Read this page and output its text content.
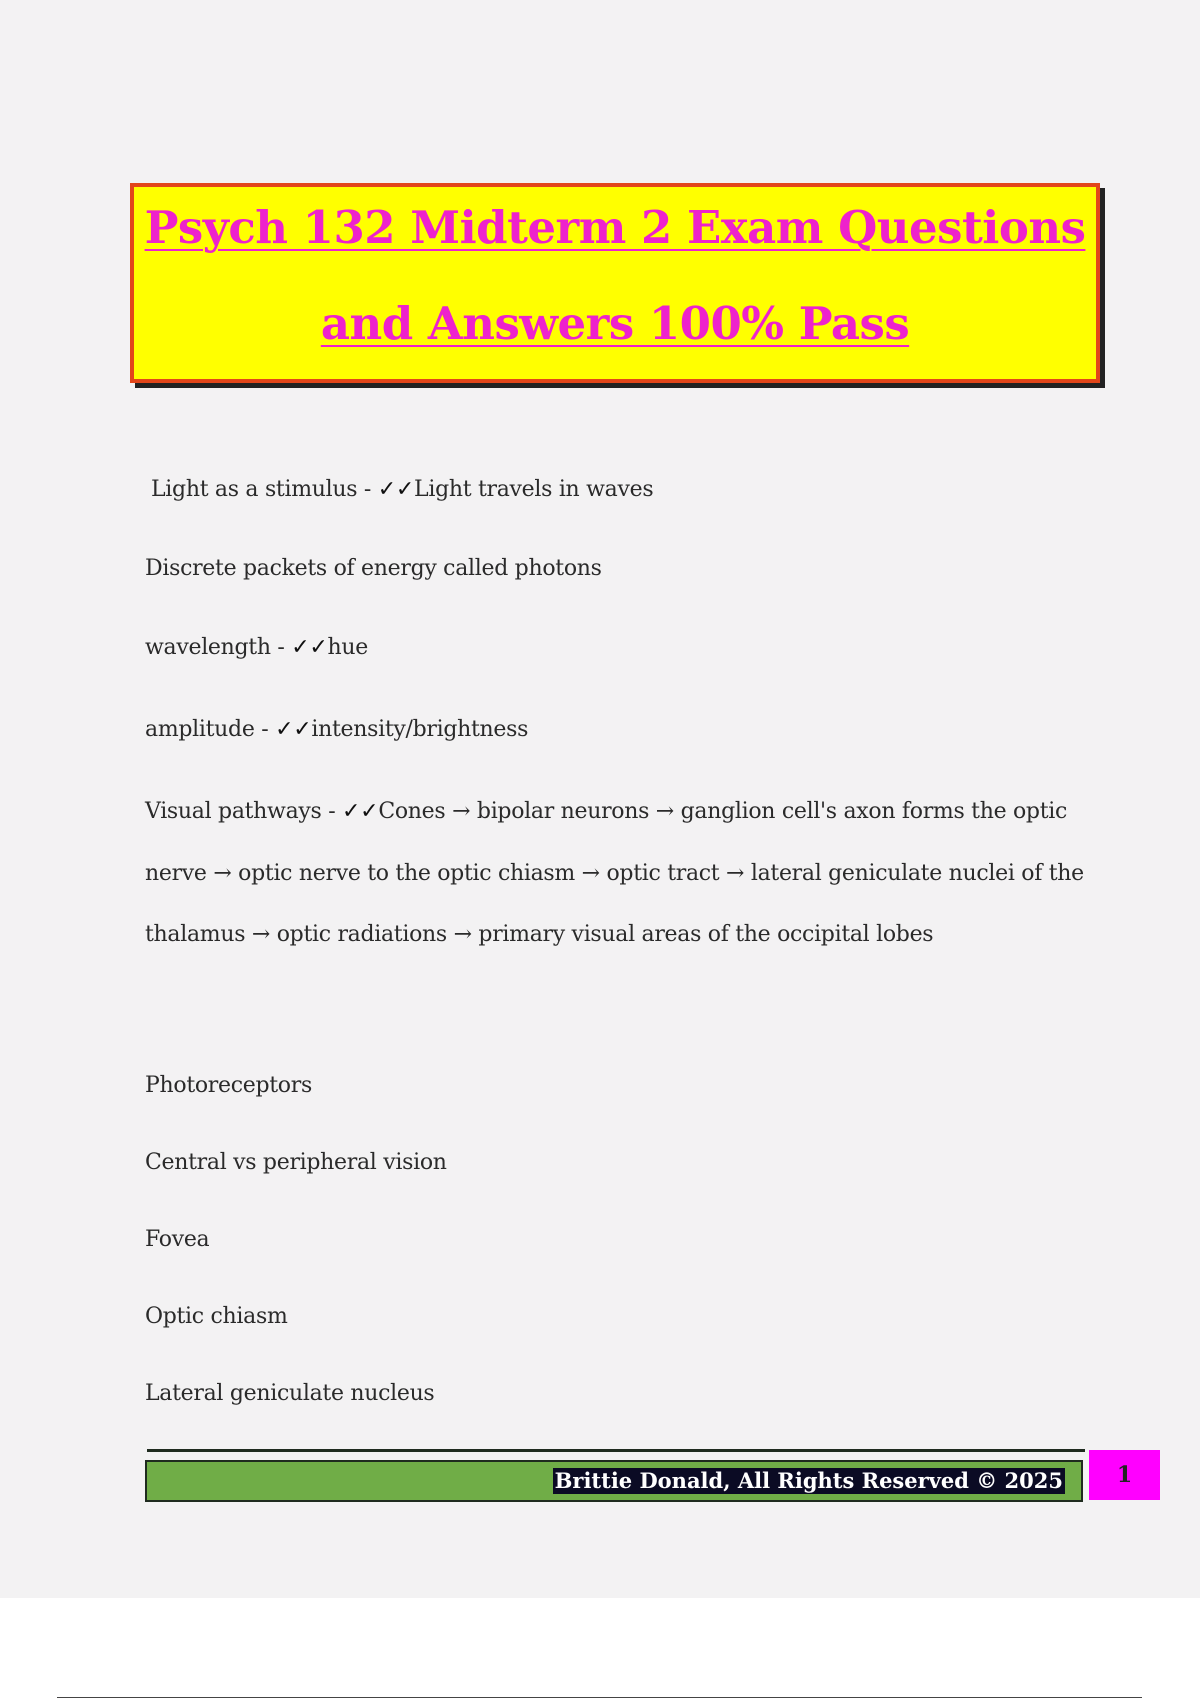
Psych 132 Midterm 2 Exam Questions
and Answers 100% Pass
Light as a stimulus - ✓✓Light travels in waves
Discrete packets of energy called photons
wavelength - ✓✓hue
amplitude - ✓✓intensity/brightness
Visual pathways - ✓✓Cones → bipolar neurons → ganglion cell's axon forms the optic
nerve → optic nerve to the optic chiasm → optic tract → lateral geniculate nuclei of the
thalamus → optic radiations → primary visual areas of the occipital lobes
Photoreceptors
Central vs peripheral vision
Fovea
Optic chiasm
Lateral geniculate nucleus
Brittie Donald, All Rights Reserved © 2025	1
